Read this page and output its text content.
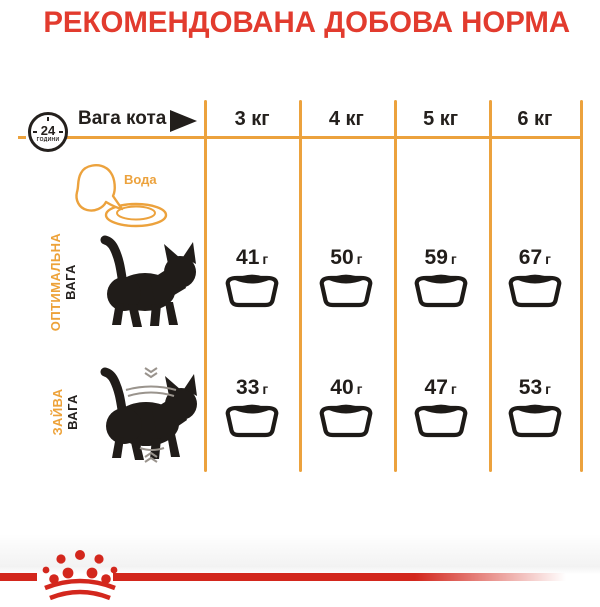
РЕКОМЕНДОВАНА ДОБОВА НОРМА
24
ГОДИНИ
Вага кота	3 кг	4 кг	5 кг	6 кг
Вода
ОПТИМАЛЬНА ВАГА
41 г	50 г	59 г	67 г
ЗАЙВА ВАГА
33 г	40 г	47 г	53 г
